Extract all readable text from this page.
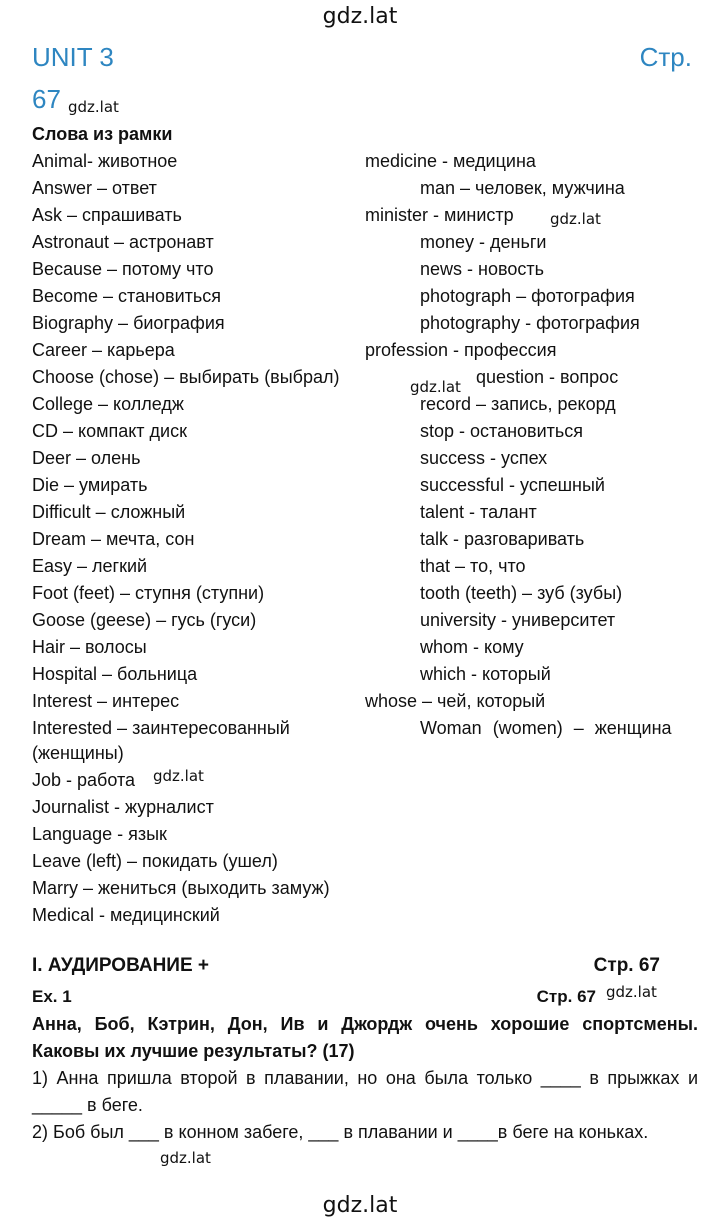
gdz.lat
UNIT 3	Стр.
67 gdz.lat
Слова из рамки
Animal- животное
Answer – ответ
Ask – спрашивать
Astronaut – астронавт
Because – потому что
Become – становиться
Biography – биография
Career – карьера
Choose (chose) – выбирать (выбрал)
College – колледж
CD – компакт диск
Deer – олень
Die – умирать
Difficult – сложный
Dream – мечта, сон
Easy – легкий
Foot (feet) – ступня (ступни)
Goose (geese) – гусь (гуси)
Hair – волосы
Hospital – больница
Interest – интерес
Interested – заинтересованный
(женщины)
Job - работа
Journalist - журналист
Language - язык
Leave (left) – покидать (ушел)
Marry – жениться (выходить замуж)
Medical - медицинский
medicine - медицина
man – человек, мужчина
minister - министр
money - деньги
news - новость
photograph – фотография
photography - фотография
profession - профессия
question - вопрос
record – запись, рекорд
stop - остановиться
success - успех
successful - успешный
talent - талант
talk - разговаривать
that – то, что
tooth (teeth) – зуб (зубы)
university - университет
whom - кому
which - который
whose – чей, который
Woman (women) – женщина
gdz.lat
gdz.lat
gdz.lat
I. АУДИРОВАНИЕ +	Стр. 67
Ex. 1	Стр. 67 gdz.lat
Анна, Боб, Кэтрин, Дон, Ив и Джордж очень хорошие спортсмены. Каковы их лучшие результаты? (17)
1) Анна пришла второй в плавании, но она была только ____ в прыжках и _____ в беге.
2) Боб был ___ в конном забеге, ___ в плавании и ____в беге на коньках.
gdz.lat
gdz.lat
